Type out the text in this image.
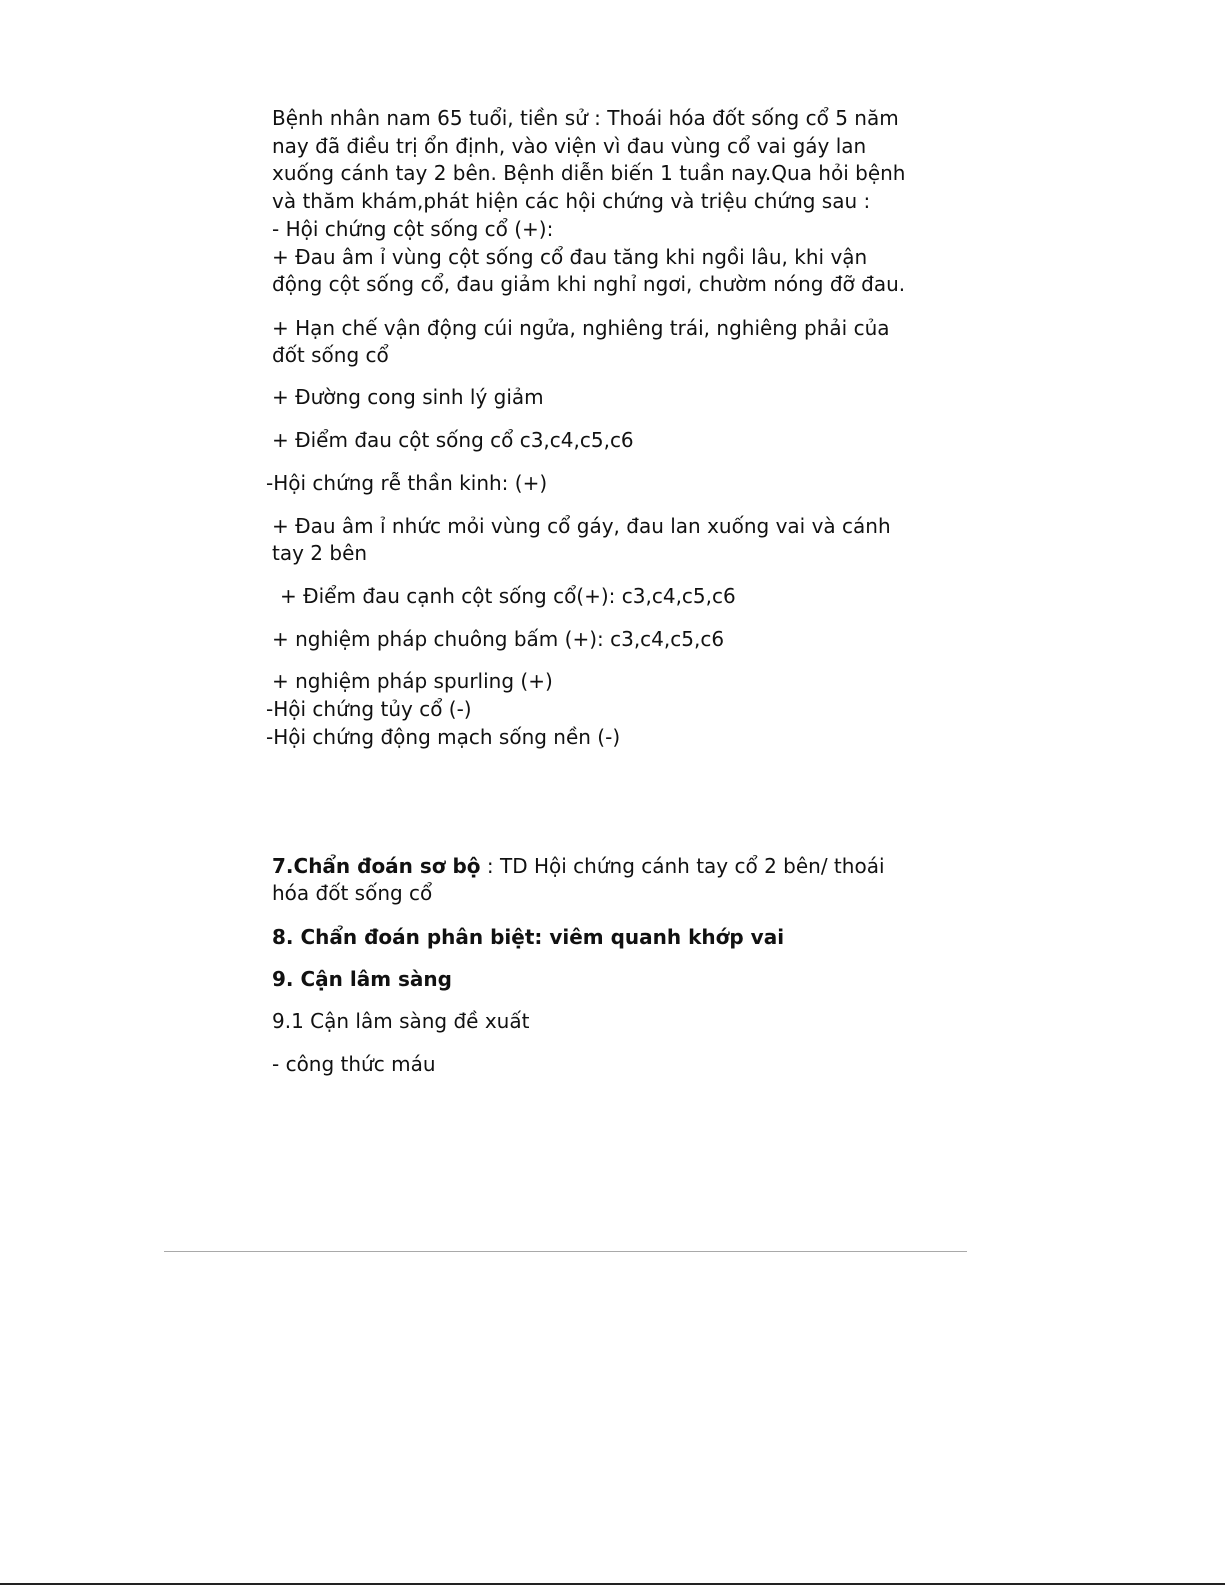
Bệnh nhân nam 65 tuổi, tiền sử : Thoái hóa đốt sống cổ 5 năm
nay đã điều trị ổn định, vào viện vì đau vùng cổ vai gáy lan
xuống cánh tay 2 bên. Bệnh diễn biến 1 tuần nay.Qua hỏi bệnh
và thăm khám,phát hiện các hội chứng và triệu chứng sau :
- Hội chứng cột sống cổ (+):
+ Đau âm ỉ vùng cột sống cổ đau tăng khi ngồi lâu, khi vận
động cột sống cổ, đau giảm khi nghỉ ngơi, chườm nóng đỡ đau.
+ Hạn chế vận động cúi ngửa, nghiêng trái, nghiêng phải của
đốt sống cổ
+ Đường cong sinh lý giảm
+ Điểm đau cột sống cổ c3,c4,c5,c6
-Hội chứng rễ thần kinh: (+)
+ Đau âm ỉ nhức mỏi vùng cổ gáy, đau lan xuống vai và cánh
tay 2 bên
+ Điểm đau cạnh cột sống cổ(+): c3,c4,c5,c6
+ nghiệm pháp chuông bấm (+): c3,c4,c5,c6
+ nghiệm pháp spurling (+)
-Hội chứng tủy cổ (-)
-Hội chứng động mạch sống nền (-)
7.Chẩn đoán sơ bộ : TD Hội chứng cánh tay cổ 2 bên/ thoái
hóa đốt sống cổ
8. Chẩn đoán phân biệt: viêm quanh khớp vai
9. Cận lâm sàng
9.1 Cận lâm sàng đề xuất
- công thức máu
